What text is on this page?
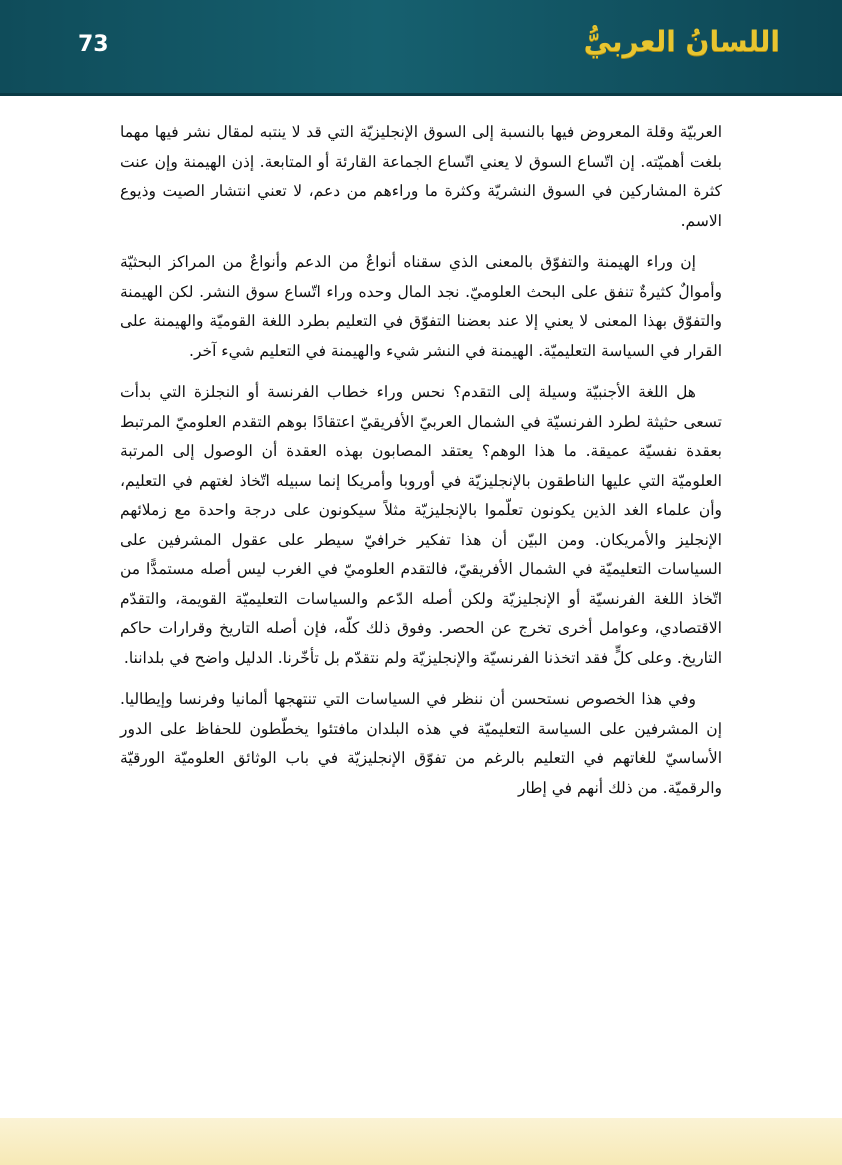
73	اللسانُ العربيُّ

العربيّة وقلة المعروض فيها بالنسبة إلى السوق الإنجليزيّة التي قد لا ينتبه لمقال نشر فيها مهما بلغت أهميّته. إن اتّساع السوق لا يعني اتّساع الجماعة القارئة أو المتابعة. إذن الهيمنة وإن عنت كثرة المشاركين في السوق النشريّة وكثرة ما وراءهم من دعم، لا تعني انتشار الصيت وذيوع الاسم.

إن وراء الهيمنة والتفوّق بالمعنى الذي سقناه أنواعٌ من الدعم وأنواعٌ من المراكز البحثيّة وأموالٌ كثيرةٌ تنفق على البحث العلوميّ. نجد المال وحده وراء اتّساع سوق النشر. لكن الهيمنة والتفوّق بهذا المعنى لا يعني إلا عند بعضنا التفوّق في التعليم بطرد اللغة القوميّة والهيمنة على القرار في السياسة التعليميّة. الهيمنة في النشر شيء والهيمنة في التعليم شيء آخر.

هل اللغة الأجنبيّة وسيلة إلى التقدم؟ نحس وراء خطاب الفرنسة أو النجلزة التي بدأت تسعى حثيثة لطرد الفرنسيّة في الشمال العربيّ الأفريقيّ اعتقادًا بوهم التقدم العلوميّ المرتبط بعقدة نفسيّة عميقة. ما هذا الوهم؟ يعتقد المصابون بهذه العقدة أن الوصول إلى المرتبة العلوميّة التي عليها الناطقون بالإنجليزيّة في أوروبا وأمريكا إنما سبيله اتّخاذ لغتهم في التعليم، وأن علماء الغد الذين يكونون تعلّموا بالإنجليزيّة مثلاً سيكونون على درجة واحدة مع زملائهم الإنجليز والأمريكان. ومن البيّن أن هذا تفكير خرافيّ سيطر على عقول المشرفين على السياسات التعليميّة في الشمال الأفريقيّ، فالتقدم العلوميّ في الغرب ليس أصله مستمدًّا من اتّخاذ اللغة الفرنسيّة أو الإنجليزيّة ولكن أصله الدّعم والسياسات التعليميّة القويمة، والتقدّم الاقتصادي، وعوامل أخرى تخرج عن الحصر. وفوق ذلك كلّه، فإن أصله التاريخ وقرارات حاكم التاريخ. وعلى كلٍّ فقد اتخذنا الفرنسيّة والإنجليزيّة ولم نتقدّم بل تأخّرنا. الدليل واضح في بلداننا.

وفي هذا الخصوص نستحسن أن ننظر في السياسات التي تنتهجها ألمانيا وفرنسا وإيطاليا. إن المشرفين على السياسة التعليميّة في هذه البلدان مافتئوا يخطّطون للحفاظ على الدور الأساسيّ للغاتهم في التعليم بالرغم من تفوّق الإنجليزيّة في باب الوثائق العلوميّة الورقيّة والرقميّة. من ذلك أنهم في إطار
